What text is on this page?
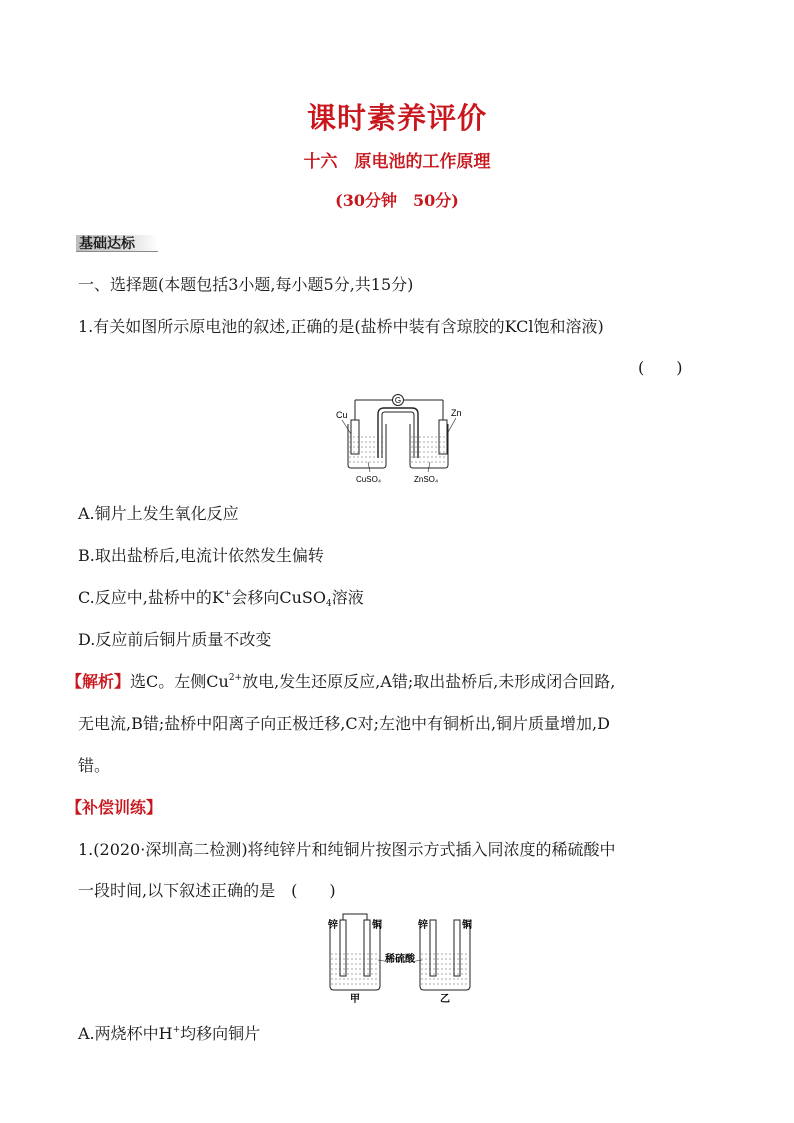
课时素养评价
十六　原电池的工作原理
(30分钟　50分)
基础达标
一、选择题(本题包括3小题,每小题5分,共15分)
1.有关如图所示原电池的叙述,正确的是(盐桥中装有含琼胶的KCl饱和溶液)
(　　)
G
Cu	Zn
CuSO₄	ZnSO₄
A.铜片上发生氧化反应
B.取出盐桥后,电流计依然发生偏转
C.反应中,盐桥中的K+会移向CuSO$_4$溶液
D.反应前后铜片质量不改变
【解析】选C。左侧$Cu^{2+}$放电,发生还原反应,A错;取出盐桥后,未形成闭合回路,
无电流,B错;盐桥中阳离子向正极迁移,C对;左池中有铜析出,铜片质量增加,D
错。
【补偿训练】
1.(2020·深圳高二检测)将纯锌片和纯铜片按图示方式插入同浓度的稀硫酸中
一段时间,以下叙述正确的是　(　　)
锌	铜	锌	铜
稀硫酸
甲	乙
A.两烧杯中H+均移向铜片
